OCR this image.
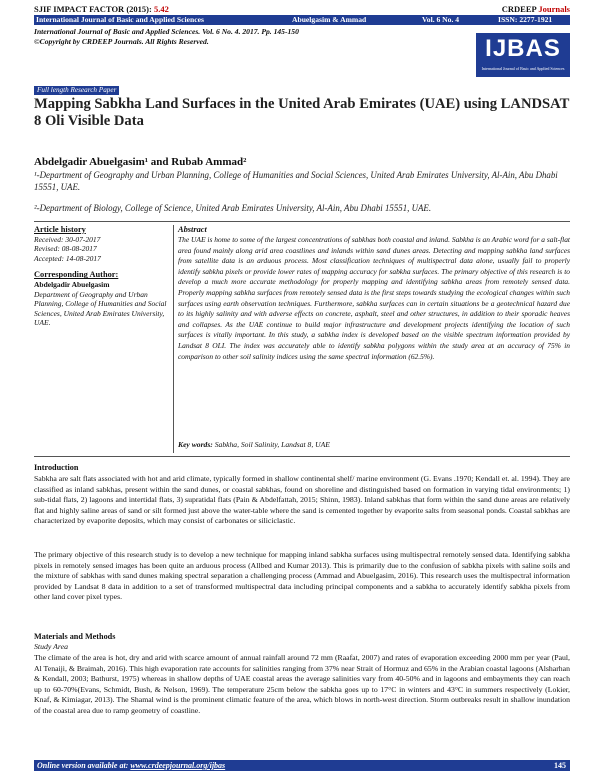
SJIF IMPACT FACTOR (2015): 5.42	CRDEEP Journals
International Journal of Basic and Applied Sciences	Abuelgasim & Ammad	Vol. 6 No. 4	ISSN: 2277-1921
International Journal of Basic and Applied Sciences. Vol. 6 No. 4. 2017. Pp. 145-150
©Copyright by CRDEEP Journals. All Rights Reserved.	IJBAS
International Journal of Basic and Applied Sciences
Full length Research Paper
Mapping Sabkha Land Surfaces in the United Arab Emirates (UAE) using LANDSAT 8 Oli Visible Data
Abdelgadir Abuelgasim¹ and Rubab Ammad²
¹-Department of Geography and Urban Planning, College of Humanities and Social Sciences, United Arab Emirates University, Al-Ain, Abu Dhabi 15551, UAE.
²-Department of Biology, College of Science, United Arab Emirates University, Al-Ain, Abu Dhabi 15551, UAE.
Article history
Received: 30-07-2017
Revised: 08-08-2017
Accepted: 14-08-2017
Corresponding Author:
Abdelgadir Abuelgasim
Department of Geography and Urban Planning, College of Humanities and Social Sciences, United Arab Emirates University, UAE.
Abstract
The UAE is home to some of the largest concentrations of sabkhas both coastal and inland. Sabkha is an Arabic word for a salt-flat area found mainly along arid area coastlines and inlands within sand dunes areas. Detecting and mapping sabkha land surfaces from satellite data is an arduous process. Most classification techniques of multispectral data alone, usually fail to properly identify sabkha pixels or provide lower rates of mapping accuracy for sabkha surfaces. The primary objective of this research is to develop a much more accurate methodology for properly mapping and identifying sabkha areas from remotely sensed data. Properly mapping sabkha surfaces from remotely sensed data is the first steps towards studying the ecological changes within such surfaces using earth observation techniques. Furthermore, sabkha surfaces can in certain situations be a geotechnical hazard due to its highly salinity and with adverse effects on concrete, asphalt, steel and other structures, in addition to their sporadic heaves and collapses. As the UAE continue to build major infrastructure and development projects identifying the location of such surfaces is vitally important. In this study, a sabkha index is developed based on the visible spectrum information provided by Landsat 8 OLI. The index was accurately able to identify sabkha polygons within the study area at an accuracy of 75% in comparison to other soil salinity indices using the same spectral information (62.5%).
Key words: Sabkha, Soil Salinity, Landsat 8, UAE
Introduction
Sabkha are salt flats associated with hot and arid climate, typically formed in shallow continental shelf/ marine environment (G. Evans .1970; Kendall et. al. 1994). They are classified as inland sabkhas, present within the sand dunes, or coastal sabkhas, found on shoreline and distinguished based on formation in varying tidal environments; 1) sub-tidal flats, 2) lagoons and intertidal flats, 3) supratidal flats (Pain & Abdelfattah, 2015; Shinn, 1983). Inland sabkhas that form within the sand dune areas are relatively flat and highly saline areas of sand or silt formed just above the water-table where the sand is cemented together by evaporite salts from seasonal ponds. Coastal sabkhas are characterized by evaporite deposits, which may consist of carbonates or siliciclastic.
The primary objective of this research study is to develop a new technique for mapping inland sabkha surfaces using multispectral remotely sensed data. Identifying sabkha pixels in remotely sensed images has been quite an arduous process (Allbed and Kumar 2013). This is primarily due to the confusion of sabkha pixels with saline soils and the mixture of sabkhas with sand dunes making spectral separation a challenging process (Ammad and Abuelgasim, 2016). This research uses the multispectral information provided by Landsat 8 data in addition to a set of transformed multispectral data including principal components and a sabkha to accurately identify sabkha pixels from other land cover pixel types.
Materials and Methods
Study Area
The climate of the area is hot, dry and arid with scarce amount of annual rainfall around 72 mm (Raafat, 2007) and rates of evaporation exceeding 2000 mm per year (Paul, Al Tenaiji, & Braimah, 2016). This high evaporation rate accounts for salinities ranging from 37% near Strait of Hormuz and 65% in the Arabian coastal lagoons (Alsharhan & Kendall, 2003; Bathurst, 1975) whereas in shallow depths of UAE coastal areas the average salinities vary from 40-50% and in lagoons and embayments they can reach up to 60-70%(Evans, Schmidt, Bush, & Nelson, 1969). The temperature 25cm below the sabkha goes up to 17°C in winters and 43°C in summers respectively (Lokier, Knaf, & Kimiagar, 2013). The Shamal wind is the prominent climatic feature of the area, which blows in north-west direction. Storm outbreaks result in shallow inundation of the coastal area due to ramp geometry of coastline.
Online version available at: www.crdeepjournal.org/ijbas	145
